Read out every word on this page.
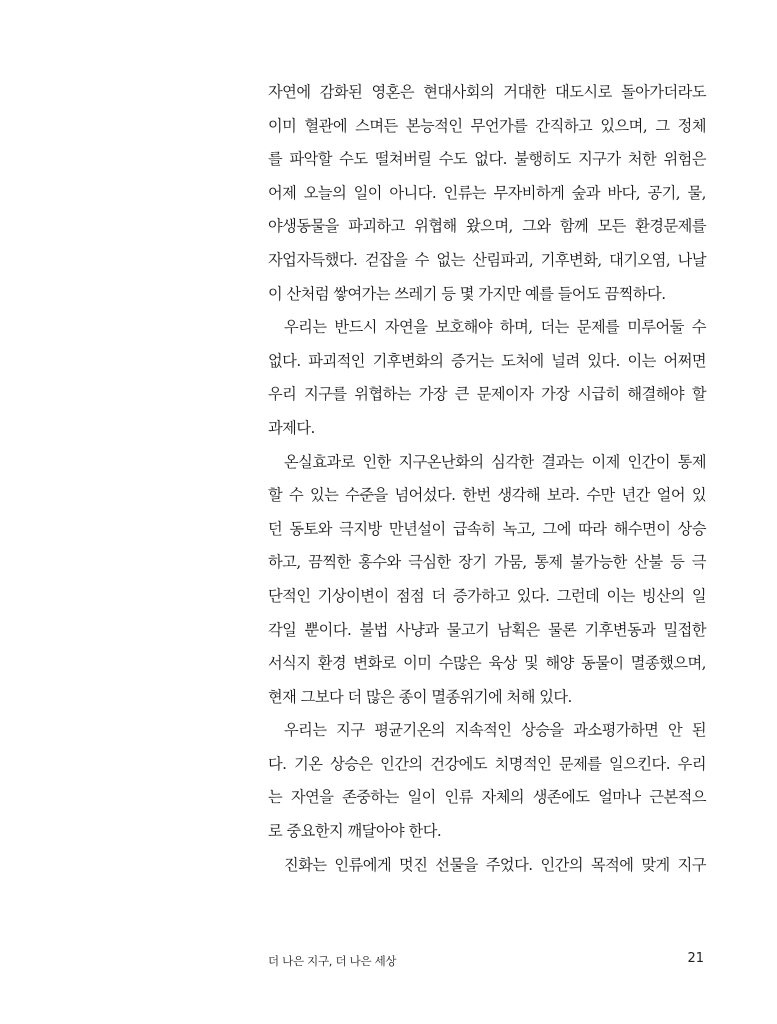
자연에 감화된 영혼은 현대사회의 거대한 대도시로 돌아가더라도
이미 혈관에 스며든 본능적인 무언가를 간직하고 있으며, 그 정체
를 파악할 수도 떨쳐버릴 수도 없다. 불행히도 지구가 처한 위험은
어제 오늘의 일이 아니다. 인류는 무자비하게 숲과 바다, 공기, 물,
야생동물을 파괴하고 위협해 왔으며, 그와 함께 모든 환경문제를
자업자득했다. 걷잡을 수 없는 산림파괴, 기후변화, 대기오염, 나날
이 산처럼 쌓여가는 쓰레기 등 몇 가지만 예를 들어도 끔찍하다.
우리는 반드시 자연을 보호해야 하며, 더는 문제를 미루어둘 수
없다. 파괴적인 기후변화의 증거는 도처에 널려 있다. 이는 어쩌면
우리 지구를 위협하는 가장 큰 문제이자 가장 시급히 해결해야 할
과제다.
온실효과로 인한 지구온난화의 심각한 결과는 이제 인간이 통제
할 수 있는 수준을 넘어섰다. 한번 생각해 보라. 수만 년간 얼어 있
던 동토와 극지방 만년설이 급속히 녹고, 그에 따라 해수면이 상승
하고, 끔찍한 홍수와 극심한 장기 가뭄, 통제 불가능한 산불 등 극
단적인 기상이변이 점점 더 증가하고 있다. 그런데 이는 빙산의 일
각일 뿐이다. 불법 사냥과 물고기 남획은 물론 기후변동과 밀접한
서식지 환경 변화로 이미 수많은 육상 및 해양 동물이 멸종했으며,
현재 그보다 더 많은 종이 멸종위기에 처해 있다.
우리는 지구 평균기온의 지속적인 상승을 과소평가하면 안 된
다. 기온 상승은 인간의 건강에도 치명적인 문제를 일으킨다. 우리
는 자연을 존중하는 일이 인류 자체의 생존에도 얼마나 근본적으
로 중요한지 깨달아야 한다.
진화는 인류에게 멋진 선물을 주었다. 인간의 목적에 맞게 지구
더 나은 지구, 더 나은 세상	21
